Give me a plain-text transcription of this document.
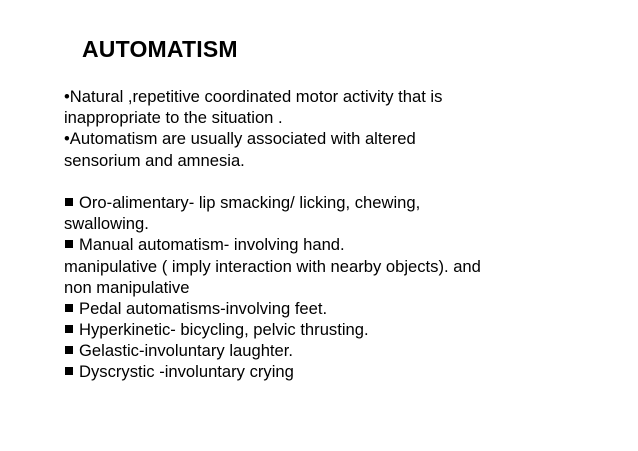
AUTOMATISM
•Natural ,repetitive coordinated motor activity that is
inappropriate to the situation .
•Automatism are usually associated with altered
sensorium and amnesia.
Oro-alimentary- lip smacking/ licking, chewing,
swallowing.
Manual automatism- involving hand.
manipulative ( imply interaction with nearby objects). and
non manipulative
Pedal automatisms-involving feet.
Hyperkinetic- bicycling, pelvic thrusting.
Gelastic-involuntary laughter.
Dyscrystic -involuntary crying
